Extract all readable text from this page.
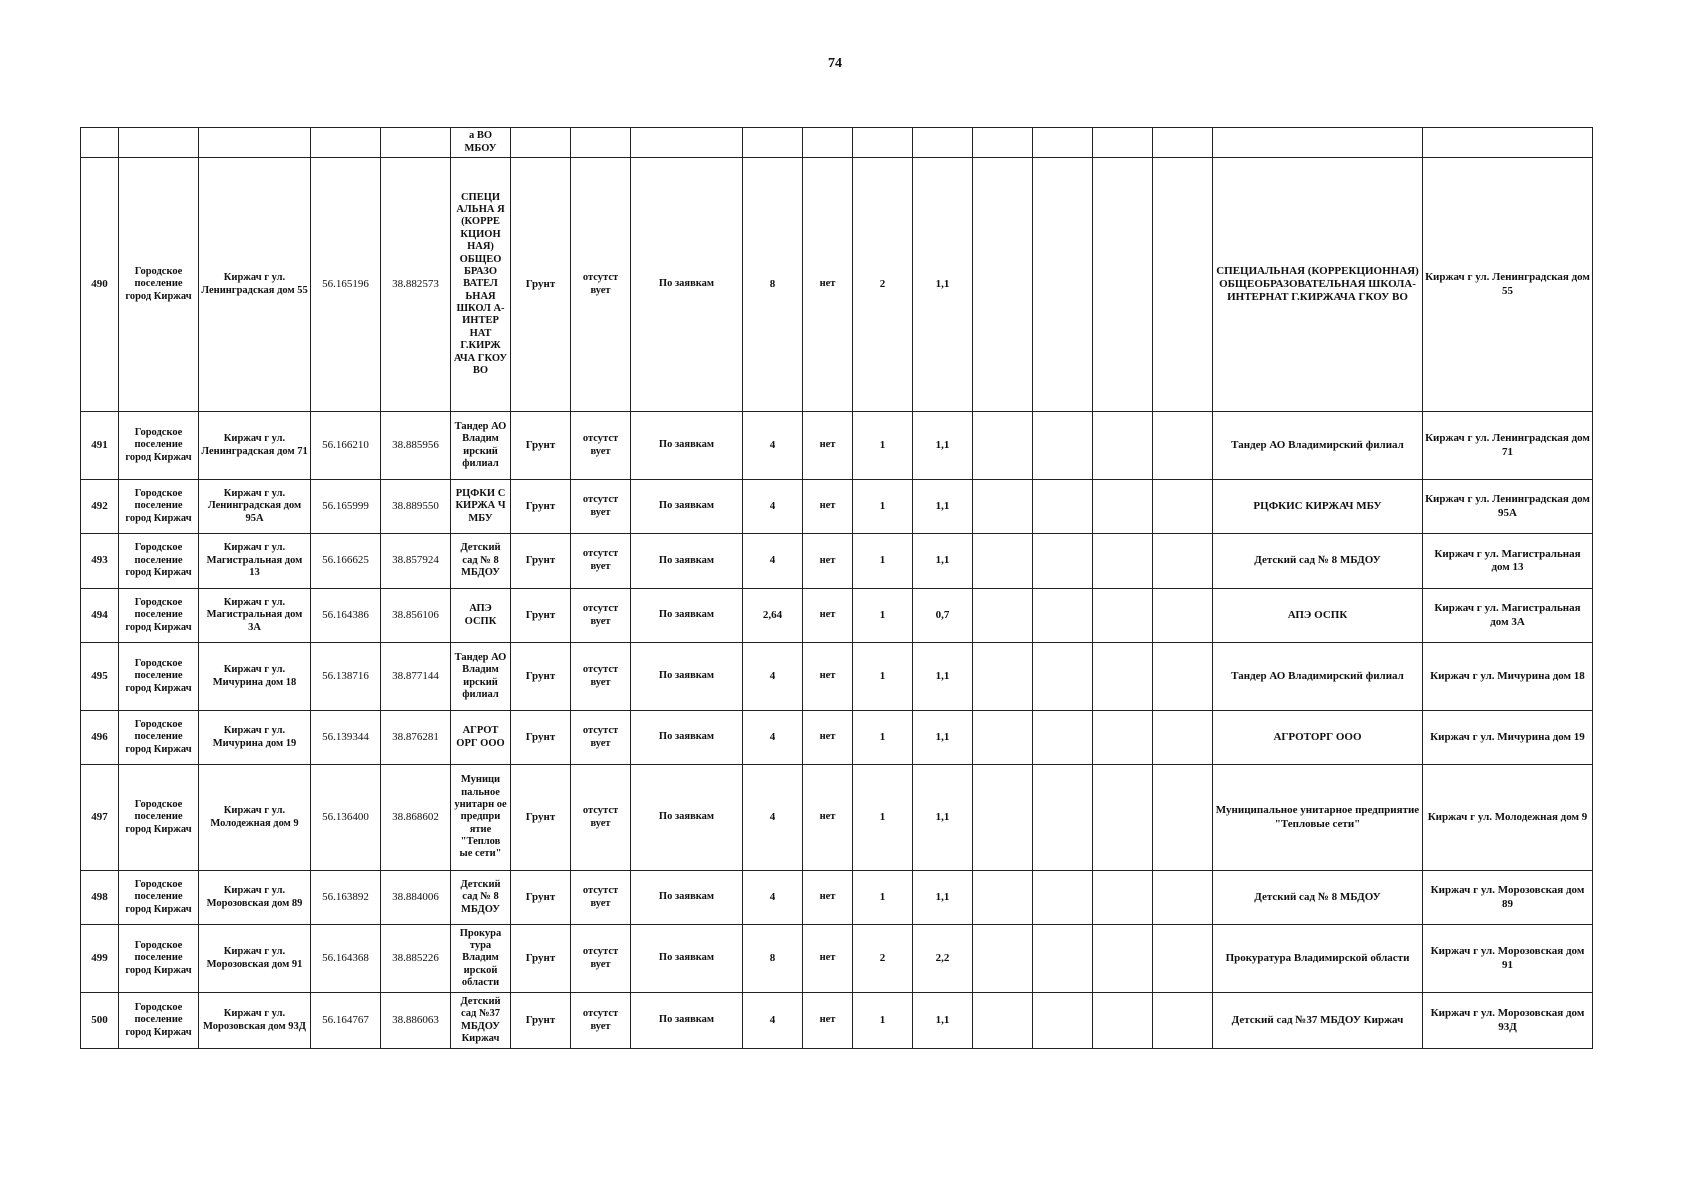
74
					а ВО МБОУ													
490	Городское поселение город Киржач	Киржач г ул. Ленинградская дом 55	56.165196	38.882573	СПЕЦИ АЛЬНА Я (КОРРЕ КЦИОН НАЯ) ОБЩЕО БРАЗО ВАТЕЛ ЬНАЯ ШКОЛ А-ИНТЕР НАТ Г.КИРЖ АЧА ГКОУ ВО	Грунт	отсутст вует	По заявкам	8	нет	2	1,1					СПЕЦИАЛЬНАЯ (КОРРЕКЦИОННАЯ) ОБЩЕОБРАЗОВАТЕЛЬНАЯ ШКОЛА-ИНТЕРНАТ Г.КИРЖАЧА ГКОУ ВО	Киржач г ул. Ленинградская дом 55
491	Городское поселение город Киржач	Киржач г ул. Ленинградская дом 71	56.166210	38.885956	Тандер АО Владим ирский филиал	Грунт	отсутст вует	По заявкам	4	нет	1	1,1					Тандер АО Владимирский филиал	Киржач г ул. Ленинградская дом 71
492	Городское поселение город Киржач	Киржач г ул. Ленинградская дом 95А	56.165999	38.889550	РЦФКИ С КИРЖА Ч МБУ	Грунт	отсутст вует	По заявкам	4	нет	1	1,1					РЦФКИС КИРЖАЧ МБУ	Киржач г ул. Ленинградская дом 95А
493	Городское поселение город Киржач	Киржач г ул. Магистральная дом 13	56.166625	38.857924	Детский сад № 8 МБДОУ	Грунт	отсутст вует	По заявкам	4	нет	1	1,1					Детский сад № 8 МБДОУ	Киржач г ул. Магистральная дом 13
494	Городское поселение город Киржач	Киржач г ул. Магистральная дом 3А	56.164386	38.856106	АПЭ ОСПК	Грунт	отсутст вует	По заявкам	2,64	нет	1	0,7					АПЭ ОСПК	Киржач г ул. Магистральная дом 3А
495	Городское поселение город Киржач	Киржач г ул. Мичурина дом 18	56.138716	38.877144	Тандер АО Владим ирский филиал	Грунт	отсутст вует	По заявкам	4	нет	1	1,1					Тандер АО Владимирский филиал	Киржач г ул. Мичурина дом 18
496	Городское поселение город Киржач	Киржач г ул. Мичурина дом 19	56.139344	38.876281	АГРОТ ОРГ ООО	Грунт	отсутст вует	По заявкам	4	нет	1	1,1					АГРОТОРГ ООО	Киржач г ул. Мичурина дом 19
497	Городское поселение город Киржач	Киржач г ул. Молодежная дом 9	56.136400	38.868602	Муници пальное унитарн ое предпри ятие "Теплов ые сети"	Грунт	отсутст вует	По заявкам	4	нет	1	1,1					Муниципальное унитарное предприятие "Тепловые сети"	Киржач г ул. Молодежная дом 9
498	Городское поселение город Киржач	Киржач г ул. Морозовская дом 89	56.163892	38.884006	Детский сад № 8 МБДОУ	Грунт	отсутст вует	По заявкам	4	нет	1	1,1					Детский сад № 8 МБДОУ	Киржач г ул. Морозовская дом 89
499	Городское поселение город Киржач	Киржач г ул. Морозовская дом 91	56.164368	38.885226	Прокура тура Владим ирской области	Грунт	отсутст вует	По заявкам	8	нет	2	2,2					Прокуратура Владимирской области	Киржач г ул. Морозовская дом 91
500	Городское поселение город Киржач	Киржач г ул. Морозовская дом 93Д	56.164767	38.886063	Детский сад №37 МБДОУ Киржач	Грунт	отсутст вует	По заявкам	4	нет	1	1,1					Детский сад №37 МБДОУ Киржач	Киржач г ул. Морозовская дом 93Д
